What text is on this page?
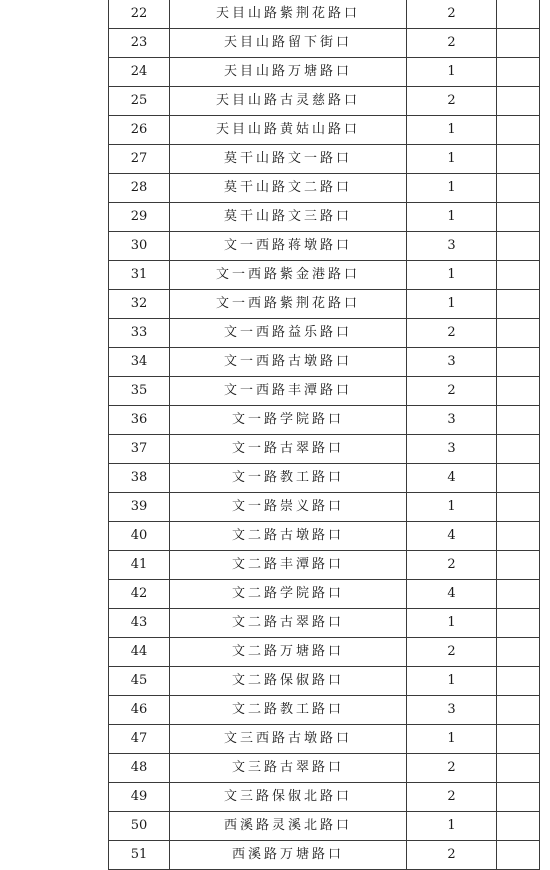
22	天目山路紫荆花路口	2	
23	天目山路留下街口	2	
24	天目山路万塘路口	1	
25	天目山路古灵慈路口	2	
26	天目山路黄姑山路口	1	
27	莫干山路文一路口	1	
28	莫干山路文二路口	1	
29	莫干山路文三路口	1	
30	文一西路蒋墩路口	3	
31	文一西路紫金港路口	1	
32	文一西路紫荆花路口	1	
33	文一西路益乐路口	2	
34	文一西路古墩路口	3	
35	文一西路丰潭路口	2	
36	文一路学院路口	3	
37	文一路古翠路口	3	
38	文一路教工路口	4	
39	文一路崇义路口	1	
40	文二路古墩路口	4	
41	文二路丰潭路口	2	
42	文二路学院路口	4	
43	文二路古翠路口	1	
44	文二路万塘路口	2	
45	文二路保俶路口	1	
46	文二路教工路口	3	
47	文三西路古墩路口	1	
48	文三路古翠路口	2	
49	文三路保俶北路口	2	
50	西溪路灵溪北路口	1	
51	西溪路万塘路口	2	
